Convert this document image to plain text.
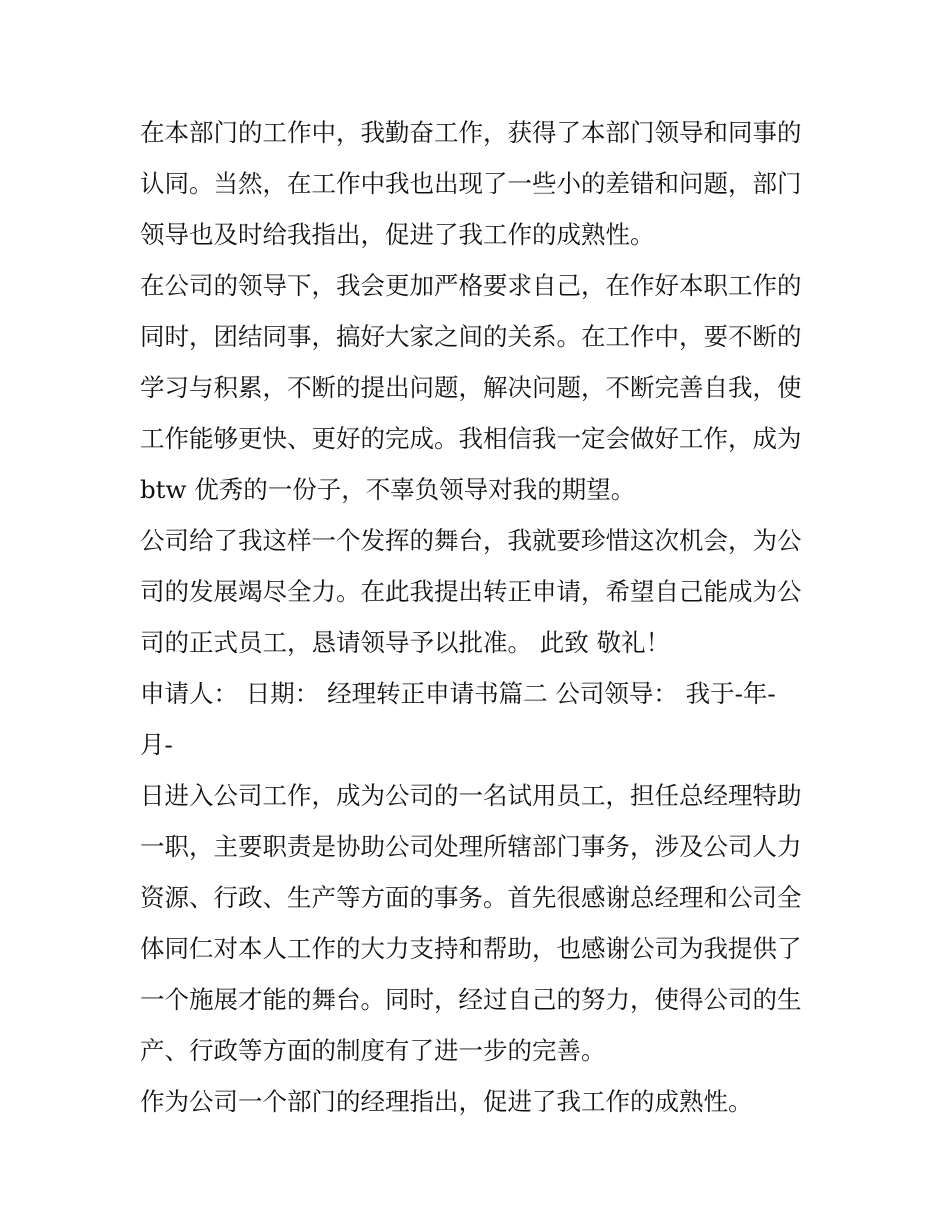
在本部门的工作中，我勤奋工作，获得了本部门领导和同事的
认同。当然，在工作中我也出现了一些小的差错和问题，部门
领导也及时给我指出，促进了我工作的成熟性。

在公司的领导下，我会更加严格要求自己，在作好本职工作的
同时，团结同事，搞好大家之间的关系。在工作中，要不断的
学习与积累，不断的提出问题，解决问题，不断完善自我，使
工作能够更快、更好的完成。我相信我一定会做好工作，成为
btw 优秀的一份子，不辜负领导对我的期望。

公司给了我这样一个发挥的舞台，我就要珍惜这次机会，为公
司的发展竭尽全力。在此我提出转正申请，希望自己能成为公
司的正式员工，恳请领导予以批准。 此致 敬礼！

申请人： 日期： 经理转正申请书篇二 公司领导： 我于-年-
月-

日进入公司工作，成为公司的一名试用员工，担任总经理特助
一职，主要职责是协助公司处理所辖部门事务，涉及公司人力
资源、行政、生产等方面的事务。首先很感谢总经理和公司全
体同仁对本人工作的大力支持和帮助，也感谢公司为我提供了
一个施展才能的舞台。同时，经过自己的努力，使得公司的生
产、行政等方面的制度有了进一步的完善。

作为公司一个部门的经理指出，促进了我工作的成熟性。
